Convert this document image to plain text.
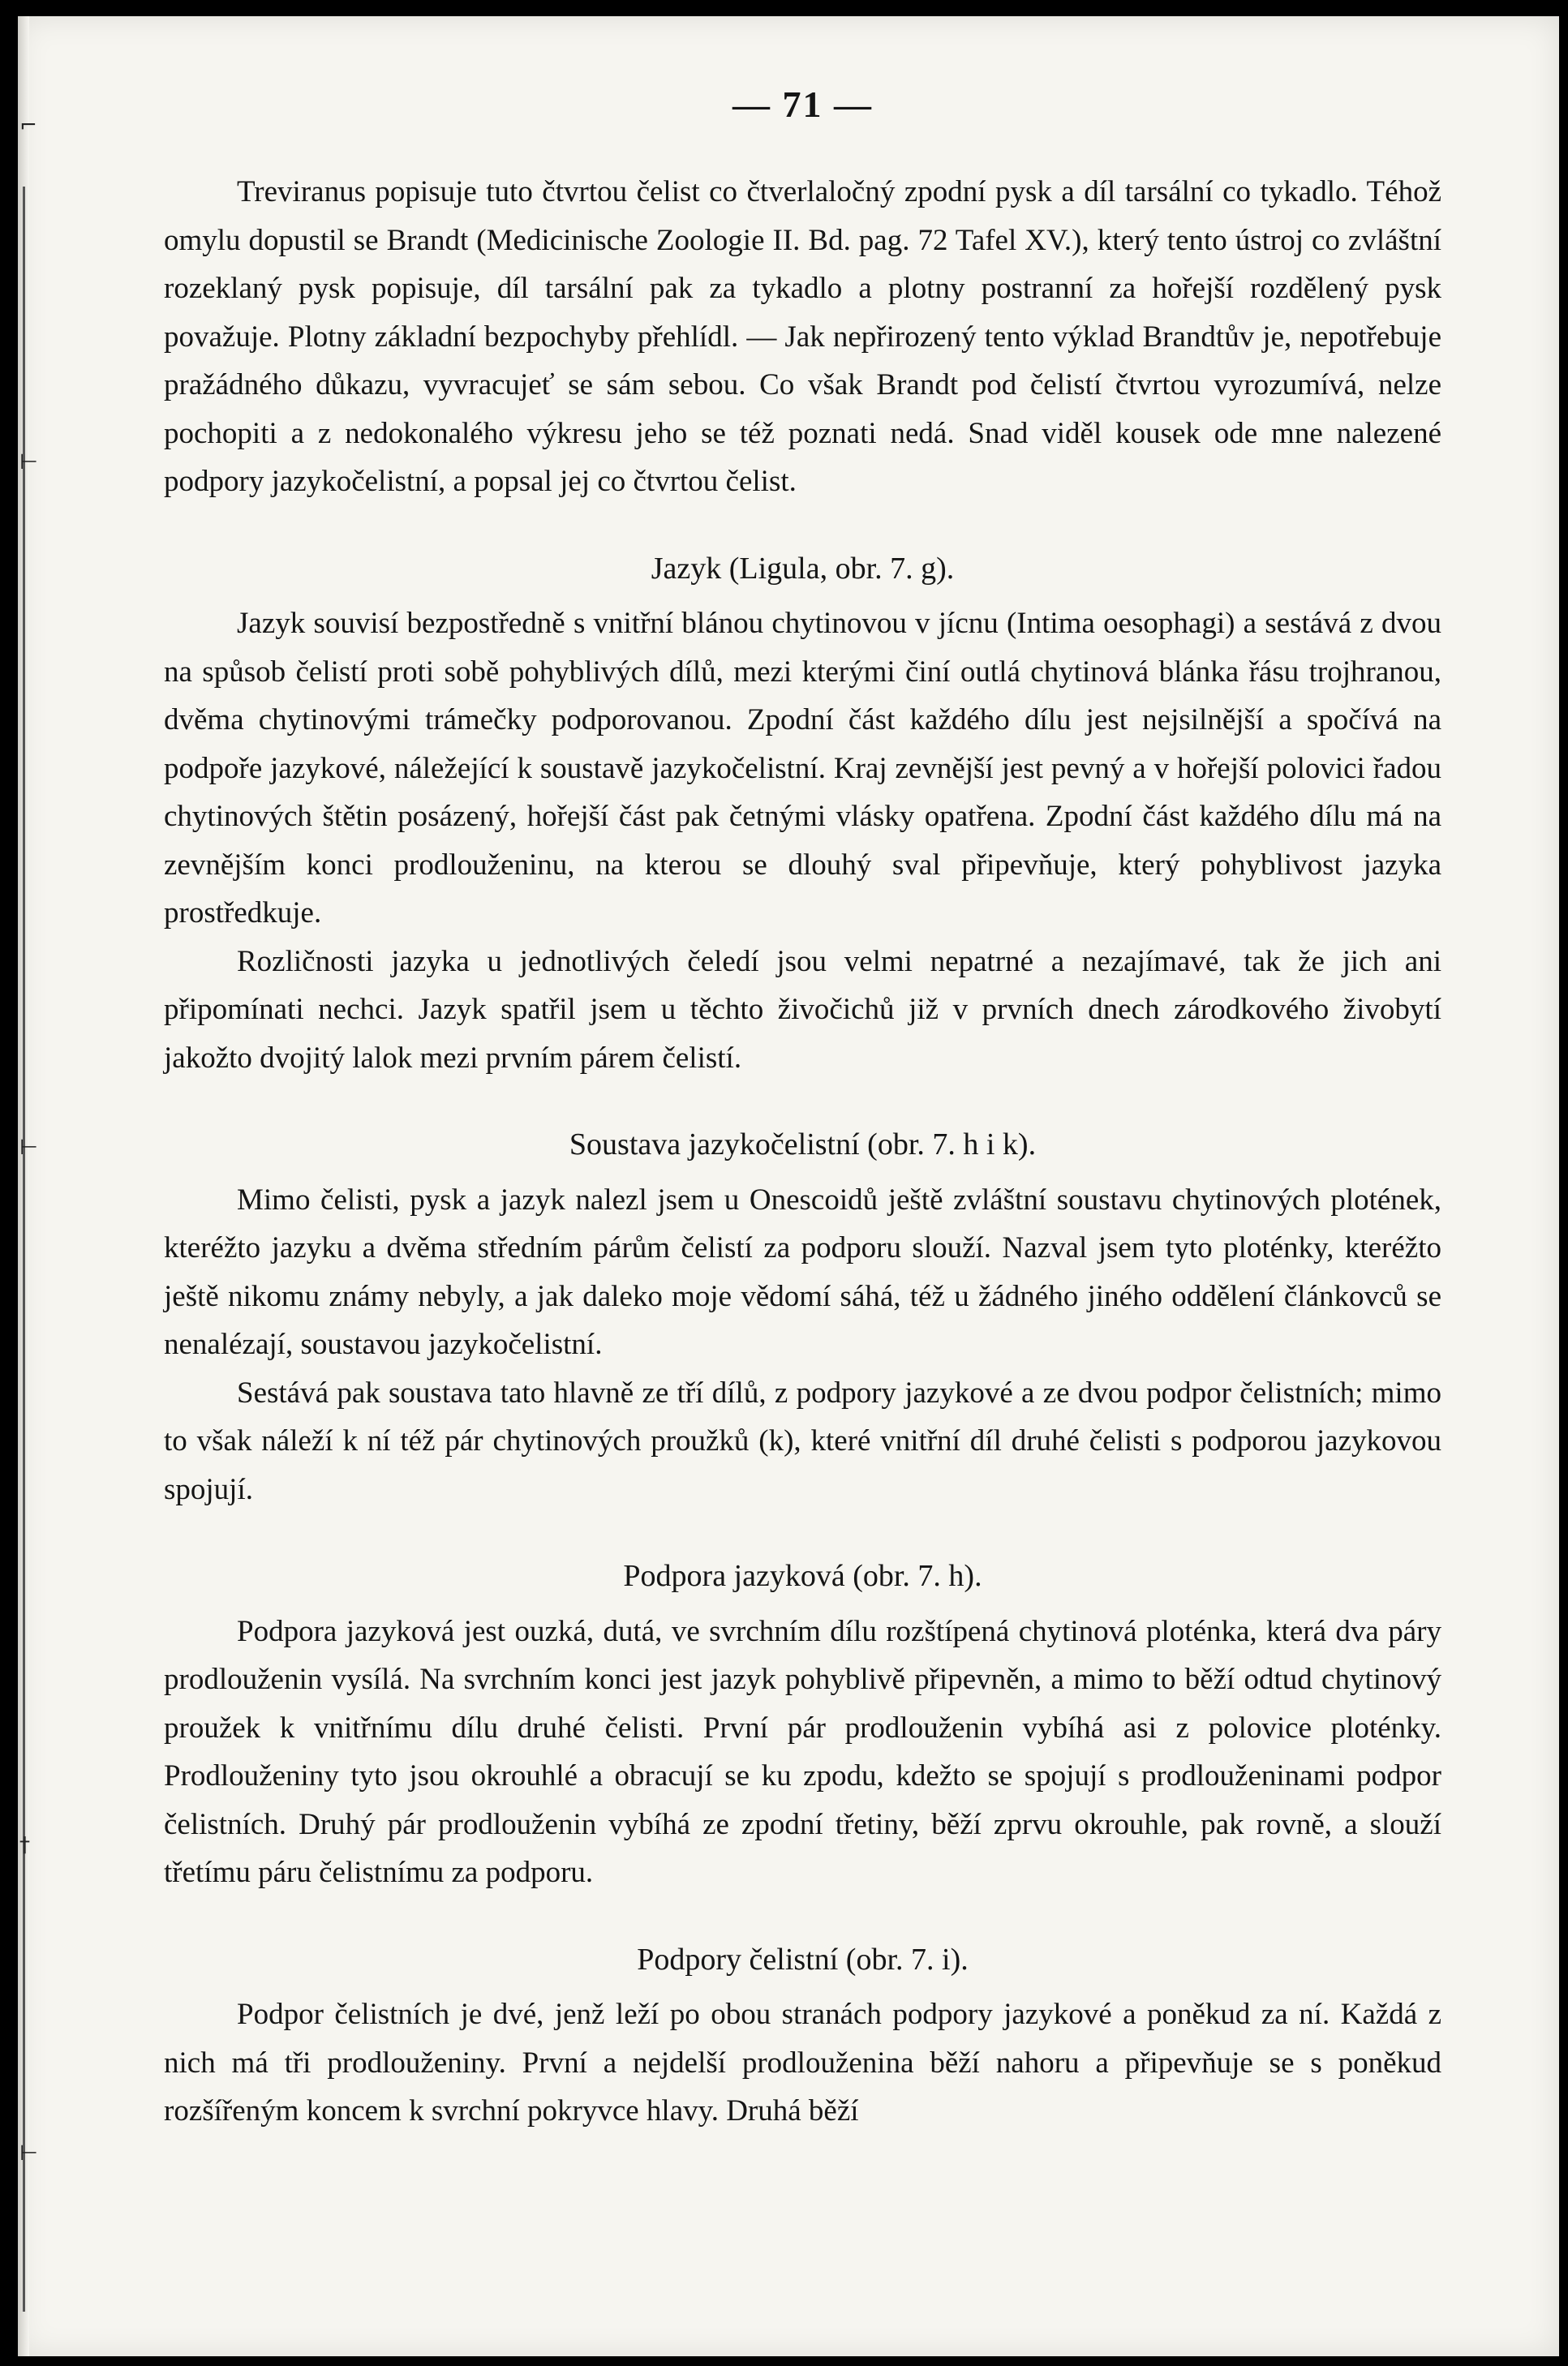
⌐
⊢
⊢
†
⊢
— 71 —

Treviranus popisuje tuto čtvrtou čelist co čtverlaločný zpodní pysk a díl tarsální co tykadlo. Téhož omylu dopustil se Brandt (Medicinische Zoologie II. Bd. pag. 72 Tafel XV.), který tento ústroj co zvláštní rozeklaný pysk popisuje, díl tarsální pak za tykadlo a plotny postranní za hořejší rozdělený pysk považuje. Plotny základní bezpochyby přehlídl. — Jak nepřirozený tento výklad Brandtův je, nepotřebuje pražádného důkazu, vyvracujeť se sám sebou. Co však Brandt pod čelistí čtvrtou vyrozumívá, nelze pochopiti a z nedokonalého výkresu jeho se též poznati nedá. Snad viděl kousek ode mne nalezené podpory jazykočelistní, a popsal jej co čtvrtou čelist.

Jazyk (Ligula, obr. 7. g).

Jazyk souvisí bezpostředně s vnitřní blánou chytinovou v jícnu (Intima oesophagi) a sestává z dvou na spůsob čelistí proti sobě pohyblivých dílů, mezi kterými činí outlá chytinová blánka řásu trojhranou, dvěma chytinovými trámečky podporovanou. Zpodní část každého dílu jest nejsilnější a spočívá na podpoře jazykové, náležející k soustavě jazykočelistní. Kraj zevnější jest pevný a v hořejší polovici řadou chytinových štětin posázený, hořejší část pak četnými vlásky opatřena. Zpodní část každého dílu má na zevnějším konci prodlouženinu, na kterou se dlouhý sval připevňuje, který pohyblivost jazyka prostředkuje.

Rozličnosti jazyka u jednotlivých čeledí jsou velmi nepatrné a nezajímavé, tak že jich ani připomínati nechci. Jazyk spatřil jsem u těchto živočichů již v prvních dnech zárodkového živobytí jakožto dvojitý lalok mezi prvním párem čelistí.

Soustava jazykočelistní (obr. 7. h i k).

Mimo čelisti, pysk a jazyk nalezl jsem u Onescoidů ještě zvláštní soustavu chytinových plotének, kteréžto jazyku a dvěma středním párům čelistí za podporu slouží. Nazval jsem tyto ploténky, kteréžto ještě nikomu známy nebyly, a jak daleko moje vědomí sáhá, též u žádného jiného oddělení článkovců se nenalézají, soustavou jazykočelistní.

Sestává pak soustava tato hlavně ze tří dílů, z podpory jazykové a ze dvou podpor čelistních; mimo to však náleží k ní též pár chytinových proužků (k), které vnitřní díl druhé čelisti s podporou jazykovou spojují.

Podpora jazyková (obr. 7. h).

Podpora jazyková jest ouzká, dutá, ve svrchním dílu rozštípená chytinová ploténka, která dva páry prodlouženin vysílá. Na svrchním konci jest jazyk pohyblivě připevněn, a mimo to běží odtud chytinový proužek k vnitřnímu dílu druhé čelisti. První pár prodlouženin vybíhá asi z polovice ploténky. Prodlouženiny tyto jsou okrouhlé a obracují se ku zpodu, kdežto se spojují s prodlouženinami podpor čelistních. Druhý pár prodlouženin vybíhá ze zpodní třetiny, běží zprvu okrouhle, pak rovně, a slouží třetímu páru čelistnímu za podporu.

Podpory čelistní (obr. 7. i).

Podpor čelistních je dvé, jenž leží po obou stranách podpory jazykové a poněkud za ní. Každá z nich má tři prodlouženiny. První a nejdelší prodlouženina běží nahoru a připevňuje se s poněkud rozšířeným koncem k svrchní pokryvce hlavy. Druhá běží
